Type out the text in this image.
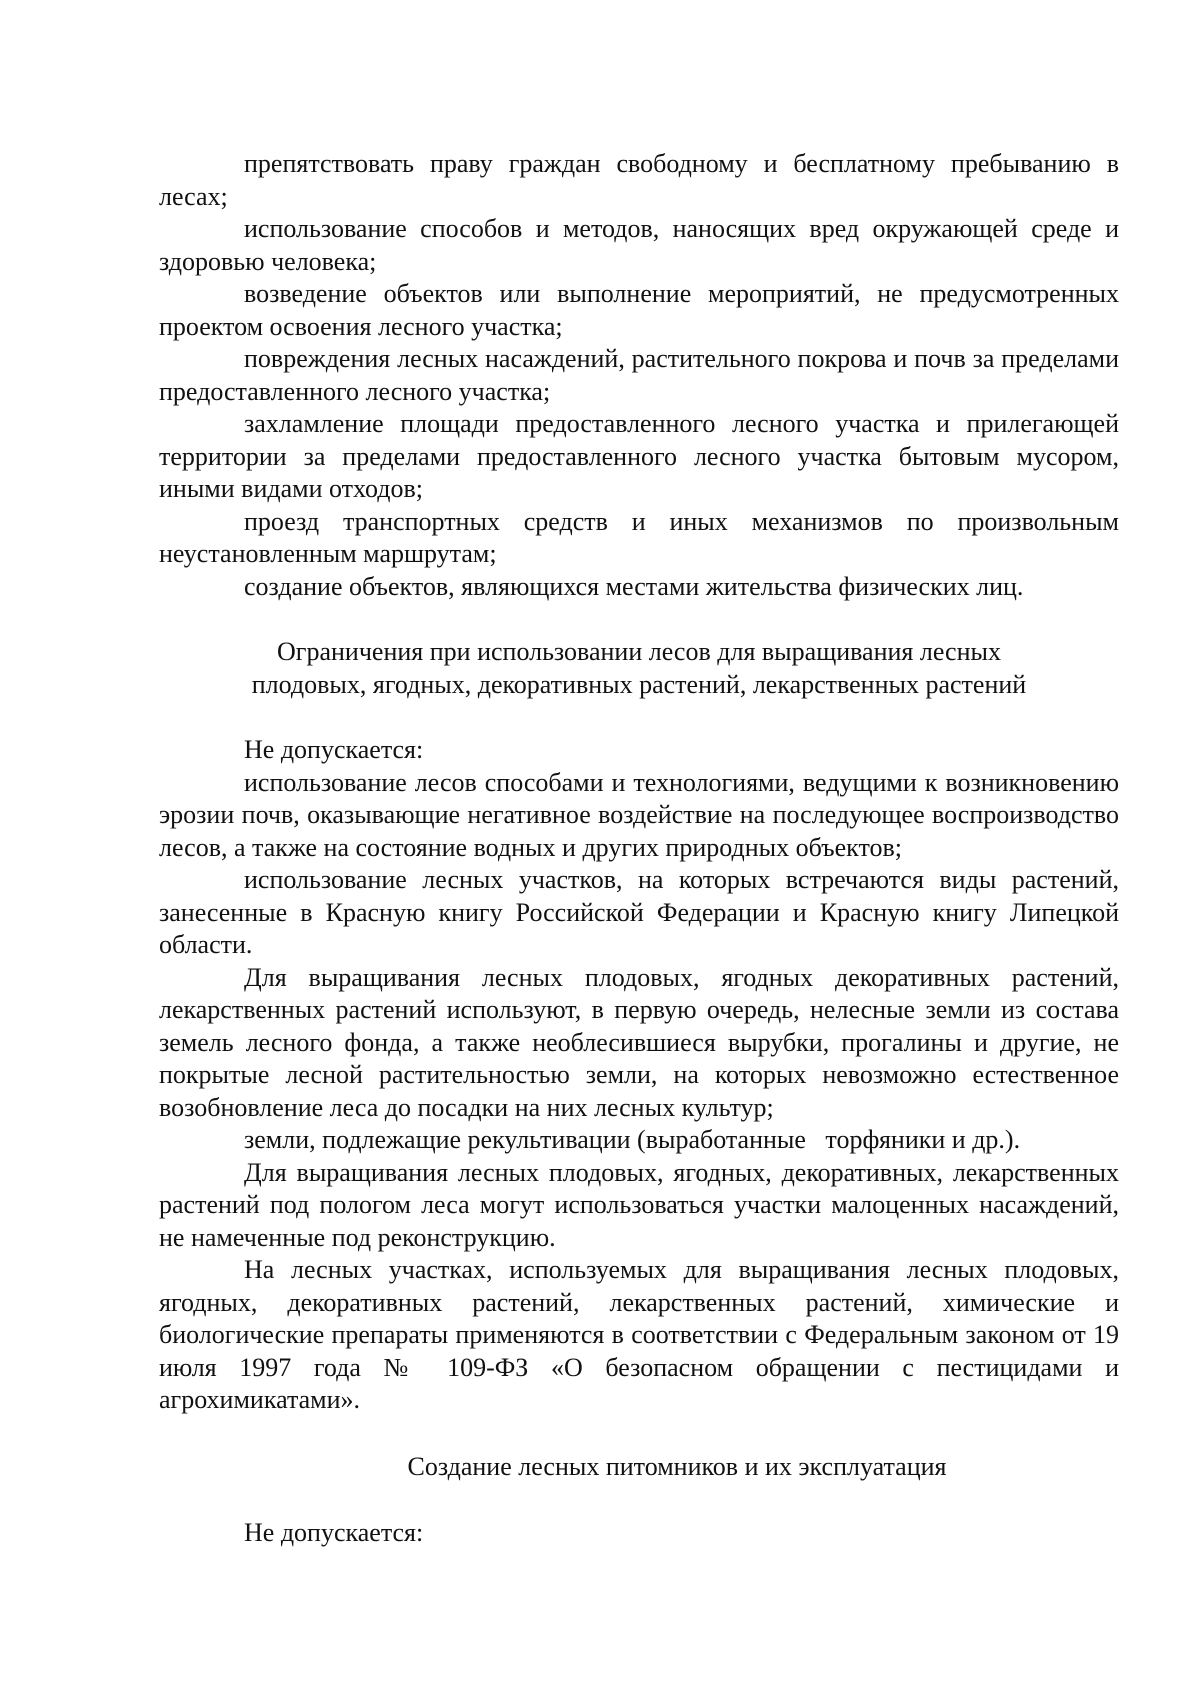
препятствовать праву граждан свободному и бесплатному пребыванию в лесах;

использование способов и методов, наносящих вред окружающей среде и здоровью человека;

возведение объектов или выполнение мероприятий, не предусмотренных проектом освоения лесного участка;

повреждения лесных насаждений, растительного покрова и почв за пределами предоставленного лесного участка;

захламление площади предоставленного лесного участка и прилегающей территории за пределами предоставленного лесного участка бытовым мусором, иными видами отходов;

проезд транспортных средств и иных механизмов по произвольным неустановленным маршрутам;

создание объектов, являющихся местами жительства физических лиц.

Ограничения при использовании лесов для выращивания лесных
плодовых, ягодных, декоративных растений, лекарственных растений

Не допускается:

использование лесов способами и технологиями, ведущими к возникновению эрозии почв, оказывающие негативное воздействие на последующее воспроизводство лесов, а также на состояние водных и других природных объектов;

использование лесных участков, на которых встречаются виды растений, занесенные в Красную книгу Российской Федерации и Красную книгу Липецкой области.

Для выращивания лесных плодовых, ягодных декоративных растений, лекарственных растений используют, в первую очередь, нелесные земли из состава земель лесного фонда, а также необлесившиеся вырубки, прогалины и другие, не покрытые лесной растительностью земли, на которых невозможно естественное возобновление леса до посадки на них лесных культур;

земли, подлежащие рекультивации (выработанные   торфяники и др.).

Для выращивания лесных плодовых, ягодных, декоративных, лекарственных растений под пологом леса могут использоваться участки малоценных насаждений, не намеченные под реконструкцию.

На лесных участках, используемых для выращивания лесных плодовых, ягодных, декоративных растений, лекарственных растений, химические и биологические препараты применяются в соответствии с Федеральным законом от 19 июля 1997 года № 109-ФЗ «О безопасном обращении с пестицидами и агрохимикатами».

Создание лесных питомников и их эксплуатация

Не допускается:
